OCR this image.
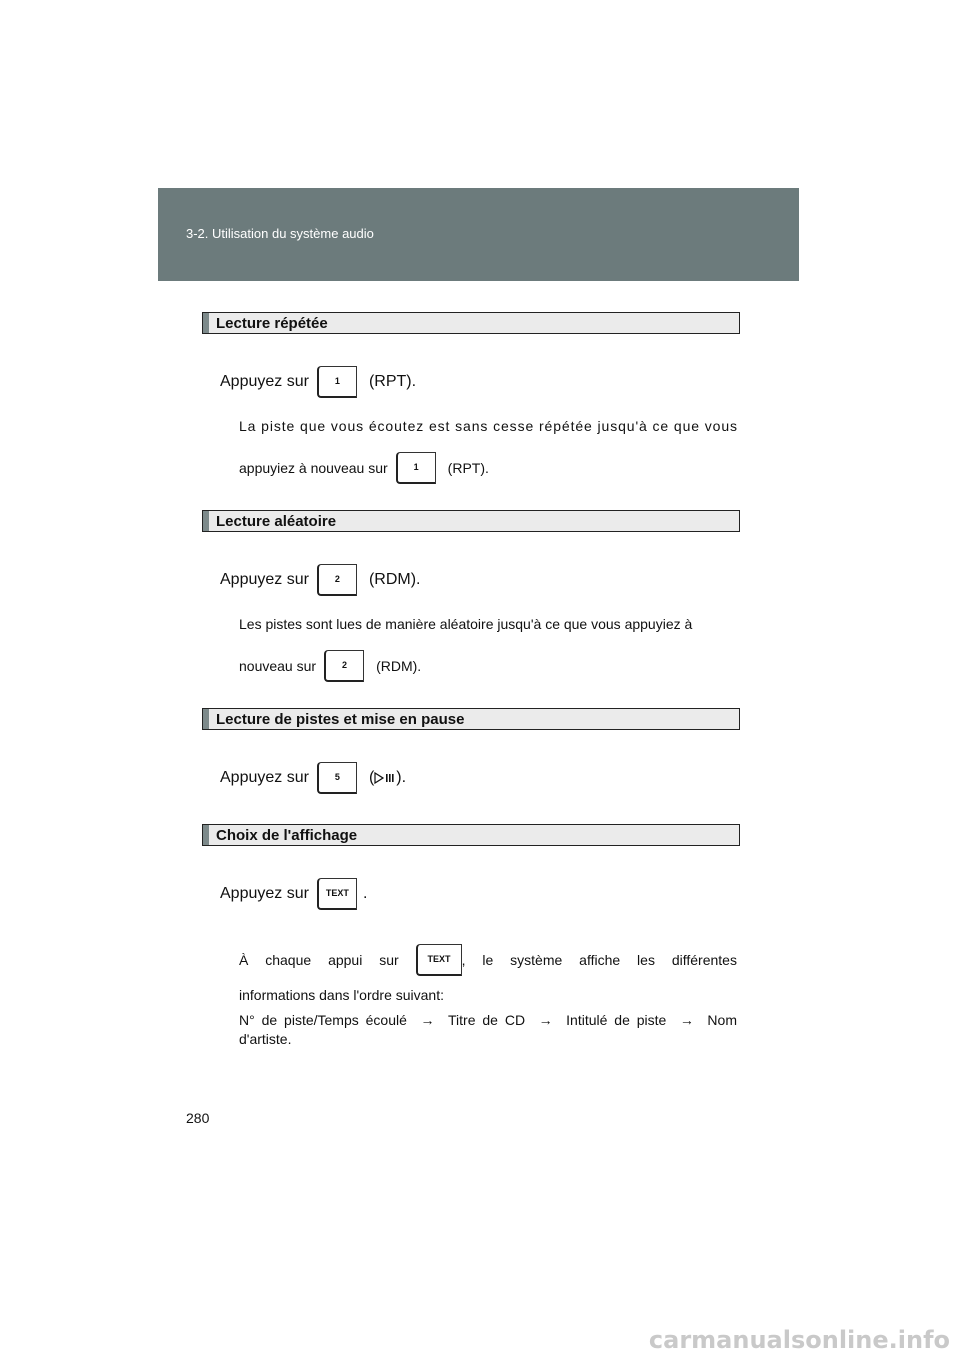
3-2. Utilisation du système audio
Lecture répétée
Appuyez sur	1	(RPT).
La piste que vous écoutez est sans cesse répétée jusqu'à ce que vous
appuyiez à nouveau sur	1	(RPT).
Lecture aléatoire
Appuyez sur	2	(RDM).
Les pistes sont lues de manière aléatoire jusqu'à ce que vous appuyiez à
nouveau sur	2	(RDM).
Lecture de pistes et mise en pause
Appuyez sur	5	( ).
Choix de l'affichage
Appuyez sur	TEXT .
À chaque appui sur	TEXT , le système affiche les différentes
informations dans l'ordre suivant:
N° de piste/Temps écoulé → Titre de CD → Intitulé de piste → Nom
d'artiste.
280
carmanualsonline.info
